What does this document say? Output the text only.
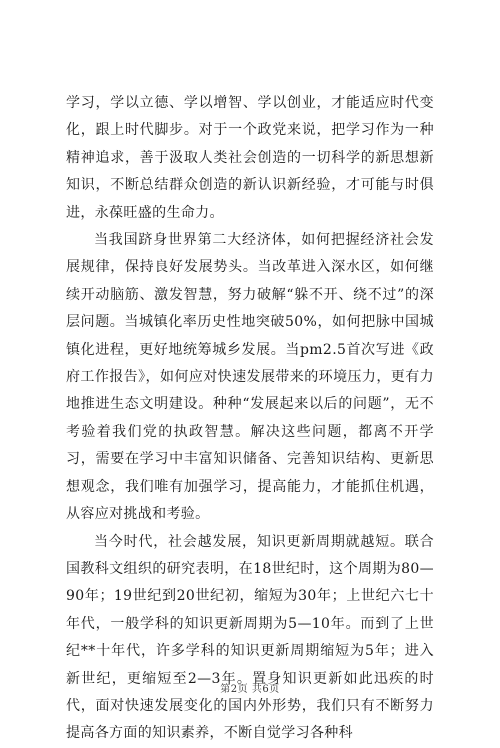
学习，学以立德、学以增智、学以创业，才能适应时代变化，跟上时代脚步。对于一个政党来说，把学习作为一种精神追求，善于汲取人类社会创造的一切科学的新思想新知识，不断总结群众创造的新认识新经验，才可能与时俱进，永葆旺盛的生命力。

当我国跻身世界第二大经济体，如何把握经济社会发展规律，保持良好发展势头。当改革进入深水区，如何继续开动脑筋、激发智慧，努力破解“躲不开、绕不过”的深层问题。当城镇化率历史性地突破50%，如何把脉中国城镇化进程，更好地统筹城乡发展。当pm2.5首次写进《政府工作报告》，如何应对快速发展带来的环境压力，更有力地推进生态文明建设。种种“发展起来以后的问题”，无不考验着我们党的执政智慧。解决这些问题，都离不开学习，需要在学习中丰富知识储备、完善知识结构、更新思想观念，我们唯有加强学习，提高能力，才能抓住机遇，从容应对挑战和考验。

当今时代，社会越发展，知识更新周期就越短。联合国教科文组织的研究表明，在18世纪时，这个周期为80—90年；19世纪到20世纪初，缩短为30年；上世纪六七十年代，一般学科的知识更新周期为5—10年。而到了上世纪**十年代，许多学科的知识更新周期缩短为5年；进入新世纪，更缩短至2—3年。置身知识更新如此迅疾的时代，面对快速发展变化的国内外形势，我们只有不断努力提高各方面的知识素养，不断自觉学习各种科

第2页 共6页
